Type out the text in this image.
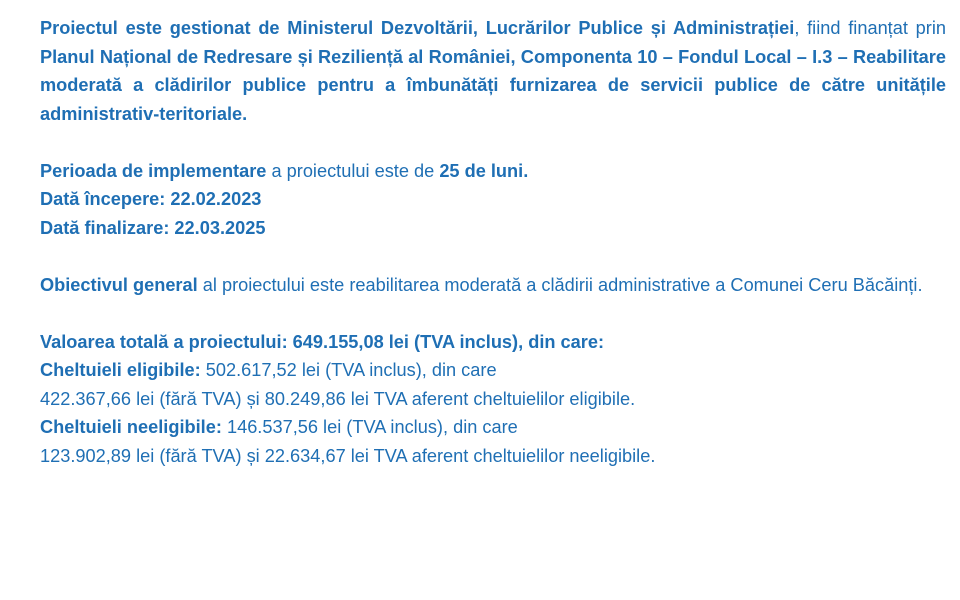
Proiectul este gestionat de Ministerul Dezvoltării, Lucrărilor Publice și Administrației, fiind finanțat prin Planul Național de Redresare și Reziliență al României, Componenta 10 – Fondul Local – I.3 – Reabilitare moderată a clădirilor publice pentru a îmbunătăți furnizarea de servicii publice de către unitățile administrativ-teritoriale.

Perioada de implementare a proiectului este de 25 de luni.

Dată începere: 22.02.2023

Dată finalizare: 22.03.2025

Obiectivul general al proiectului este reabilitarea moderată a clădirii administrative a Comunei Ceru Băcăinți.

Valoarea totală a proiectului: 649.155,08 lei (TVA inclus), din care:

Cheltuieli eligibile: 502.617,52 lei (TVA inclus), din care

422.367,66 lei (fără TVA) și 80.249,86 lei TVA aferent cheltuielilor eligibile.

Cheltuieli neeligibile: 146.537,56 lei (TVA inclus), din care

123.902,89 lei (fără TVA) și 22.634,67 lei TVA aferent cheltuielilor neeligibile.
